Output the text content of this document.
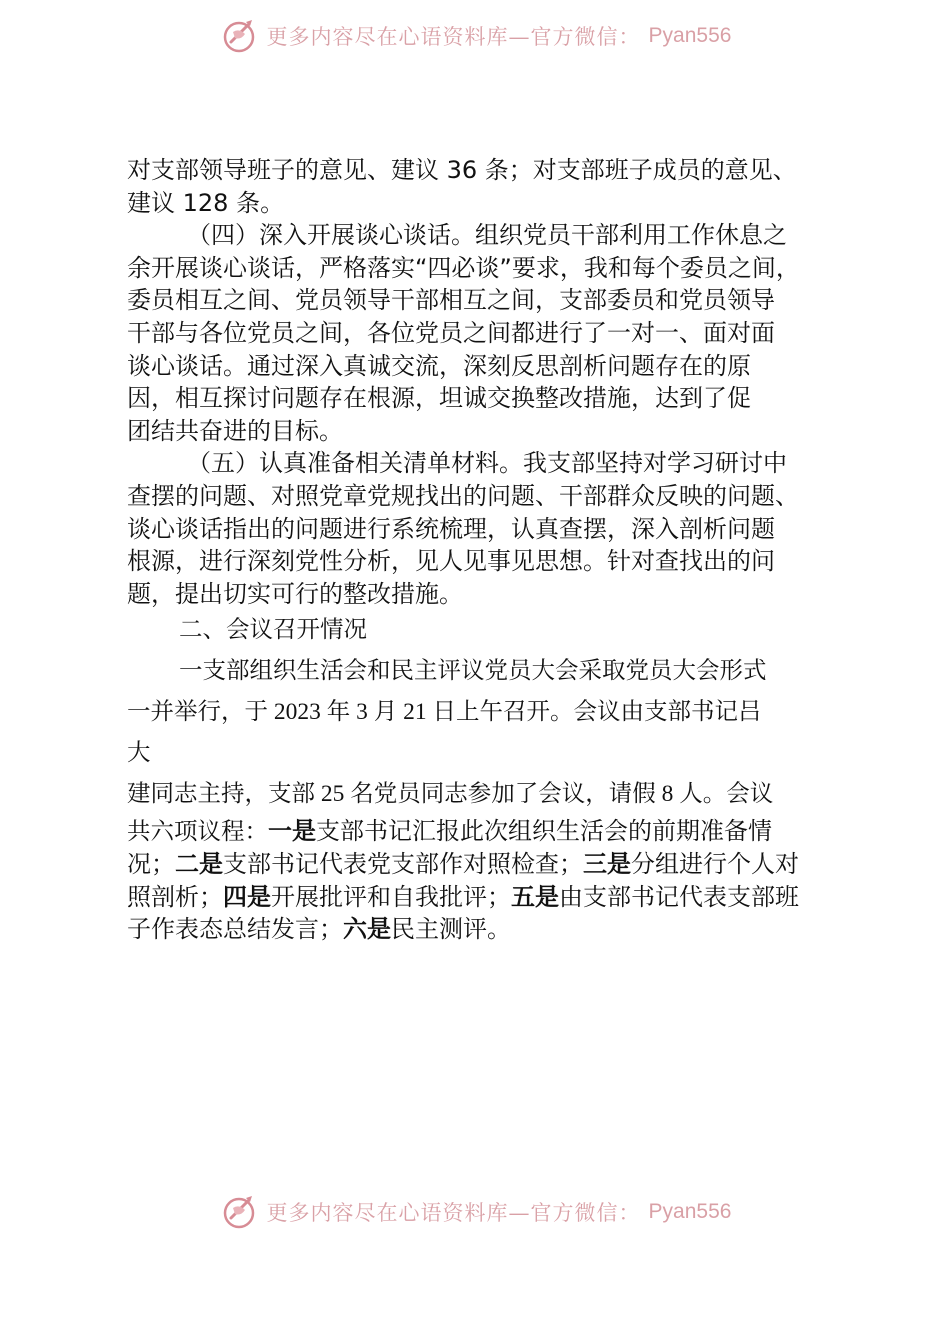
更多内容尽在心语资料库—官方微信： Pyan556
对支部领导班子的意见、建议 36 条；对支部班子成员的意见、
建议 128 条。
（四）深入开展谈心谈话。组织党员干部利用工作休息之
余开展谈心谈话，严格落实“四必谈”要求，我和每个委员之间，
委员相互之间、党员领导干部相互之间，支部委员和党员领导
干部与各位党员之间，各位党员之间都进行了一对一、面对面
谈心谈话。通过深入真诚交流，深刻反思剖析问题存在的原
因，相互探讨问题存在根源，坦诚交换整改措施，达到了促
团结共奋进的目标。
（五）认真准备相关清单材料。我支部坚持对学习研讨中
查摆的问题、对照党章党规找出的问题、干部群众反映的问题、
谈心谈话指出的问题进行系统梳理，认真查摆，深入剖析问题
根源，进行深刻党性分析，见人见事见思想。针对查找出的问
题，提出切实可行的整改措施。
二、会议召开情况
一支部组织生活会和民主评议党员大会采取党员大会形式
一并举行，于 2023 年 3 月 21 日上午召开。会议由支部书记吕
大
建同志主持，支部 25 名党员同志参加了会议，请假 8 人。会议
共六项议程：一是支部书记汇报此次组织生活会的前期准备情
况；二是支部书记代表党支部作对照检查；三是分组进行个人对
照剖析；四是开展批评和自我批评；五是由支部书记代表支部班
子作表态总结发言；六是民主测评。
更多内容尽在心语资料库—官方微信： Pyan556
